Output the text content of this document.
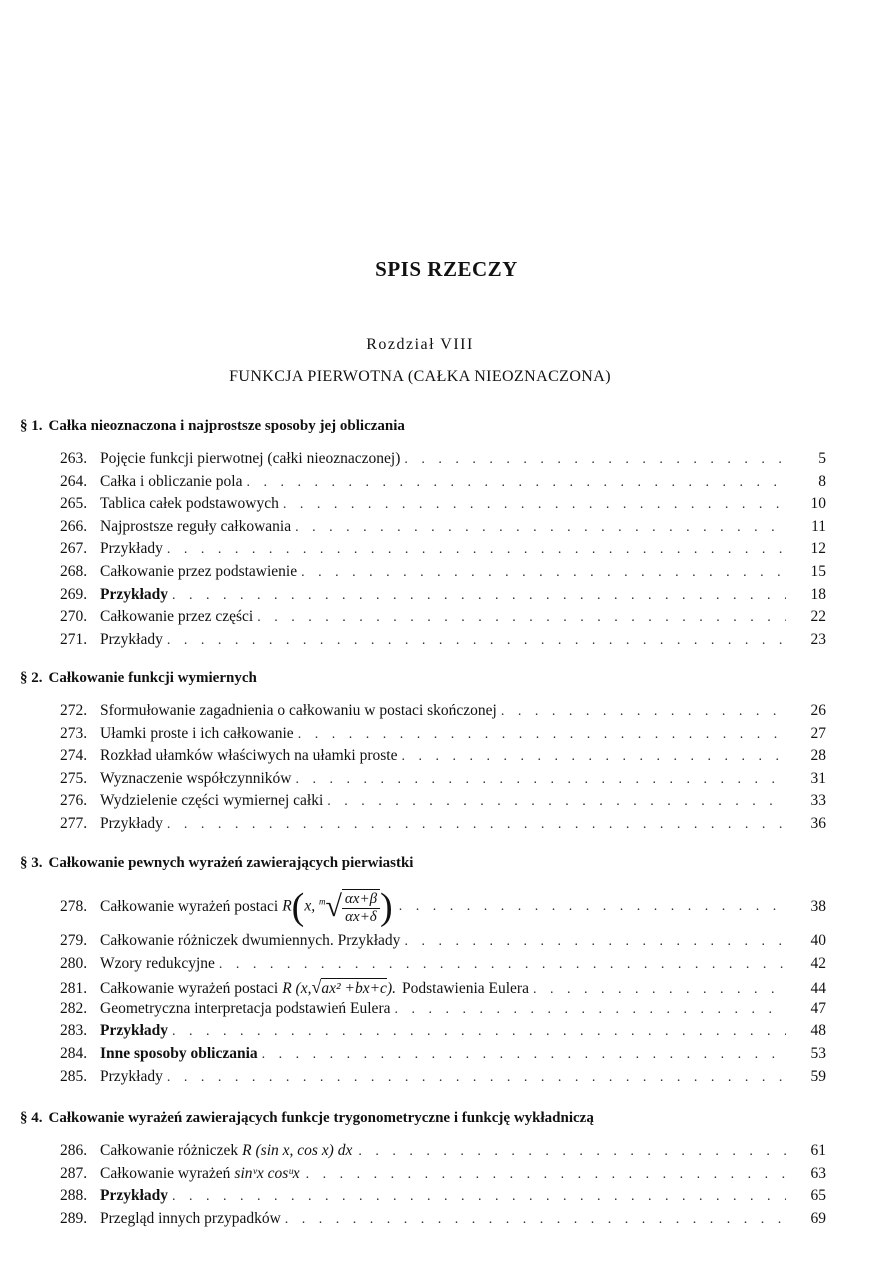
SPIS RZECZY
Rozdział VIII
FUNKCJA PIERWOTNA (CAŁKA NIEOZNACZONA)
§ 1. Całka nieoznaczona i najprostsze sposoby jej obliczania
263. Pojęcie funkcji pierwotnej (całki nieoznaczonej) . . .	5
264. Całka i obliczanie pola . . .	8
265. Tablica całek podstawowych . . .	10
266. Najprostsze reguły całkowania . . .	11
267. Przykłady . . .	12
268. Całkowanie przez podstawienie . . .	15
269. Przykłady . . .	18
270. Całkowanie przez części . . .	22
271. Przykłady . . .	23
§ 2. Całkowanie funkcji wymiernych
272. Sformułowanie zagadnienia o całkowaniu w postaci skończonej . . .	26
273. Ułamki proste i ich całkowanie . . .	27
274. Rozkład ułamków właściwych na ułamki proste . . .	28
275. Wyznaczenie współczynników . . .	31
276. Wydzielenie części wymiernej całki . . .	33
277. Przykłady . . .	36
§ 3. Całkowanie pewnych wyrażeń zawierających pierwiastki
278. Całkowanie wyrażeń postaci R(x, $^m√ \frac{\alpha x+\beta}{\alpha x+\delta}$ ) . . .	38
279. Całkowanie różniczek dwumiennych. Przykłady . . .	40
280. Wzory redukcyjne . . .	42
281. Całkowanie wyrażeń postaci R (x, √ ax² +bx+c ). Podstawienia Eulera . . .	44
282. Geometryczna interpretacja podstawień Eulera . . .	47
283. Przykłady . . .	48
284. Inne sposoby obliczania . . .	53
285. Przykłady . . .	59
§ 4. Całkowanie wyrażeń zawierających funkcje trygonometryczne i funkcję wykładniczą
286. Całkowanie różniczek R (sin x, cos x) dx . . .	61
287. Całkowanie wyrażeń sinᵛx cosᵘx . . .	63
288. Przykłady . . .	65
289. Przegląd innych przypadków . . .	69
